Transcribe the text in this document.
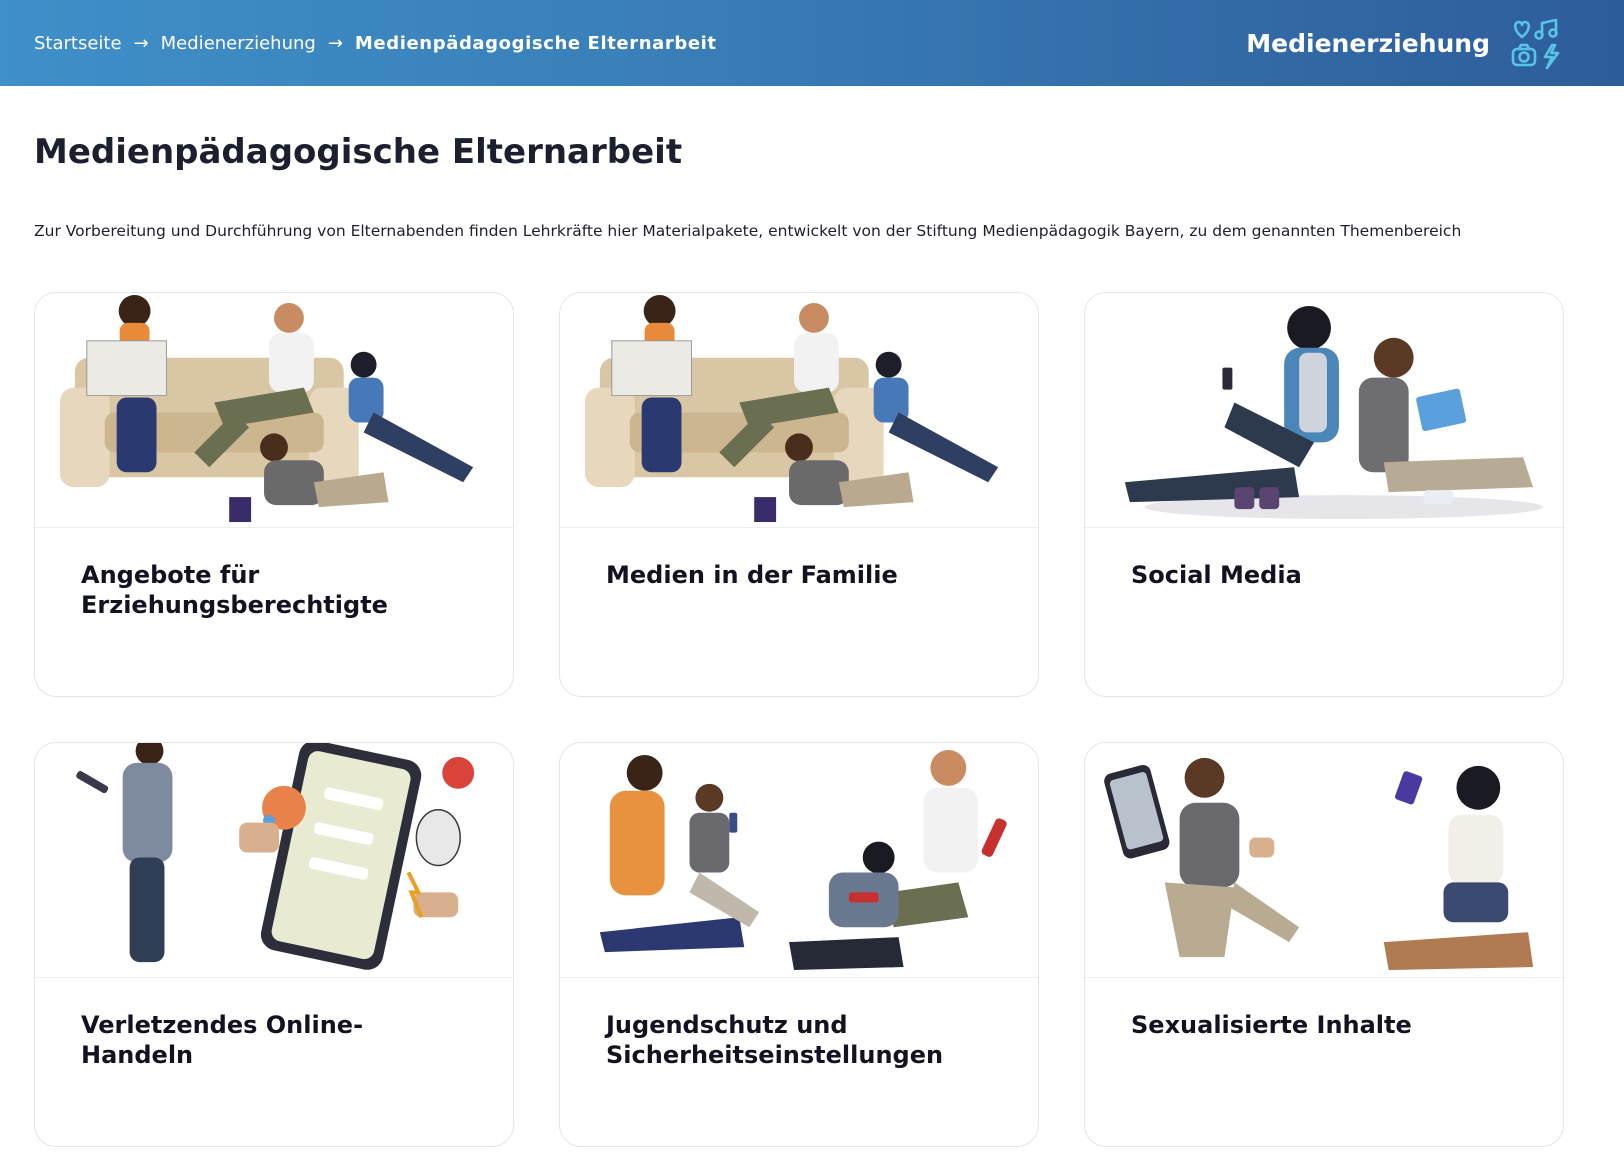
Startseite → Medienerziehung → Medienpädagogische Elternarbeit	Medienerziehung
Medienpädagogische Elternarbeit

Zur Vorbereitung und Durchführung von Elternabenden finden Lehrkräfte hier Materialpakete, entwickelt von der Stiftung Medienpädagogik Bayern, zu dem genannten Themenbereich

Angebote für Erziehungsberechtigte
Medien in der Familie	Social Media
Verletzendes Online-Handeln
Jugendschutz und Sicherheitseinstellungen
Sexualisierte Inhalte
